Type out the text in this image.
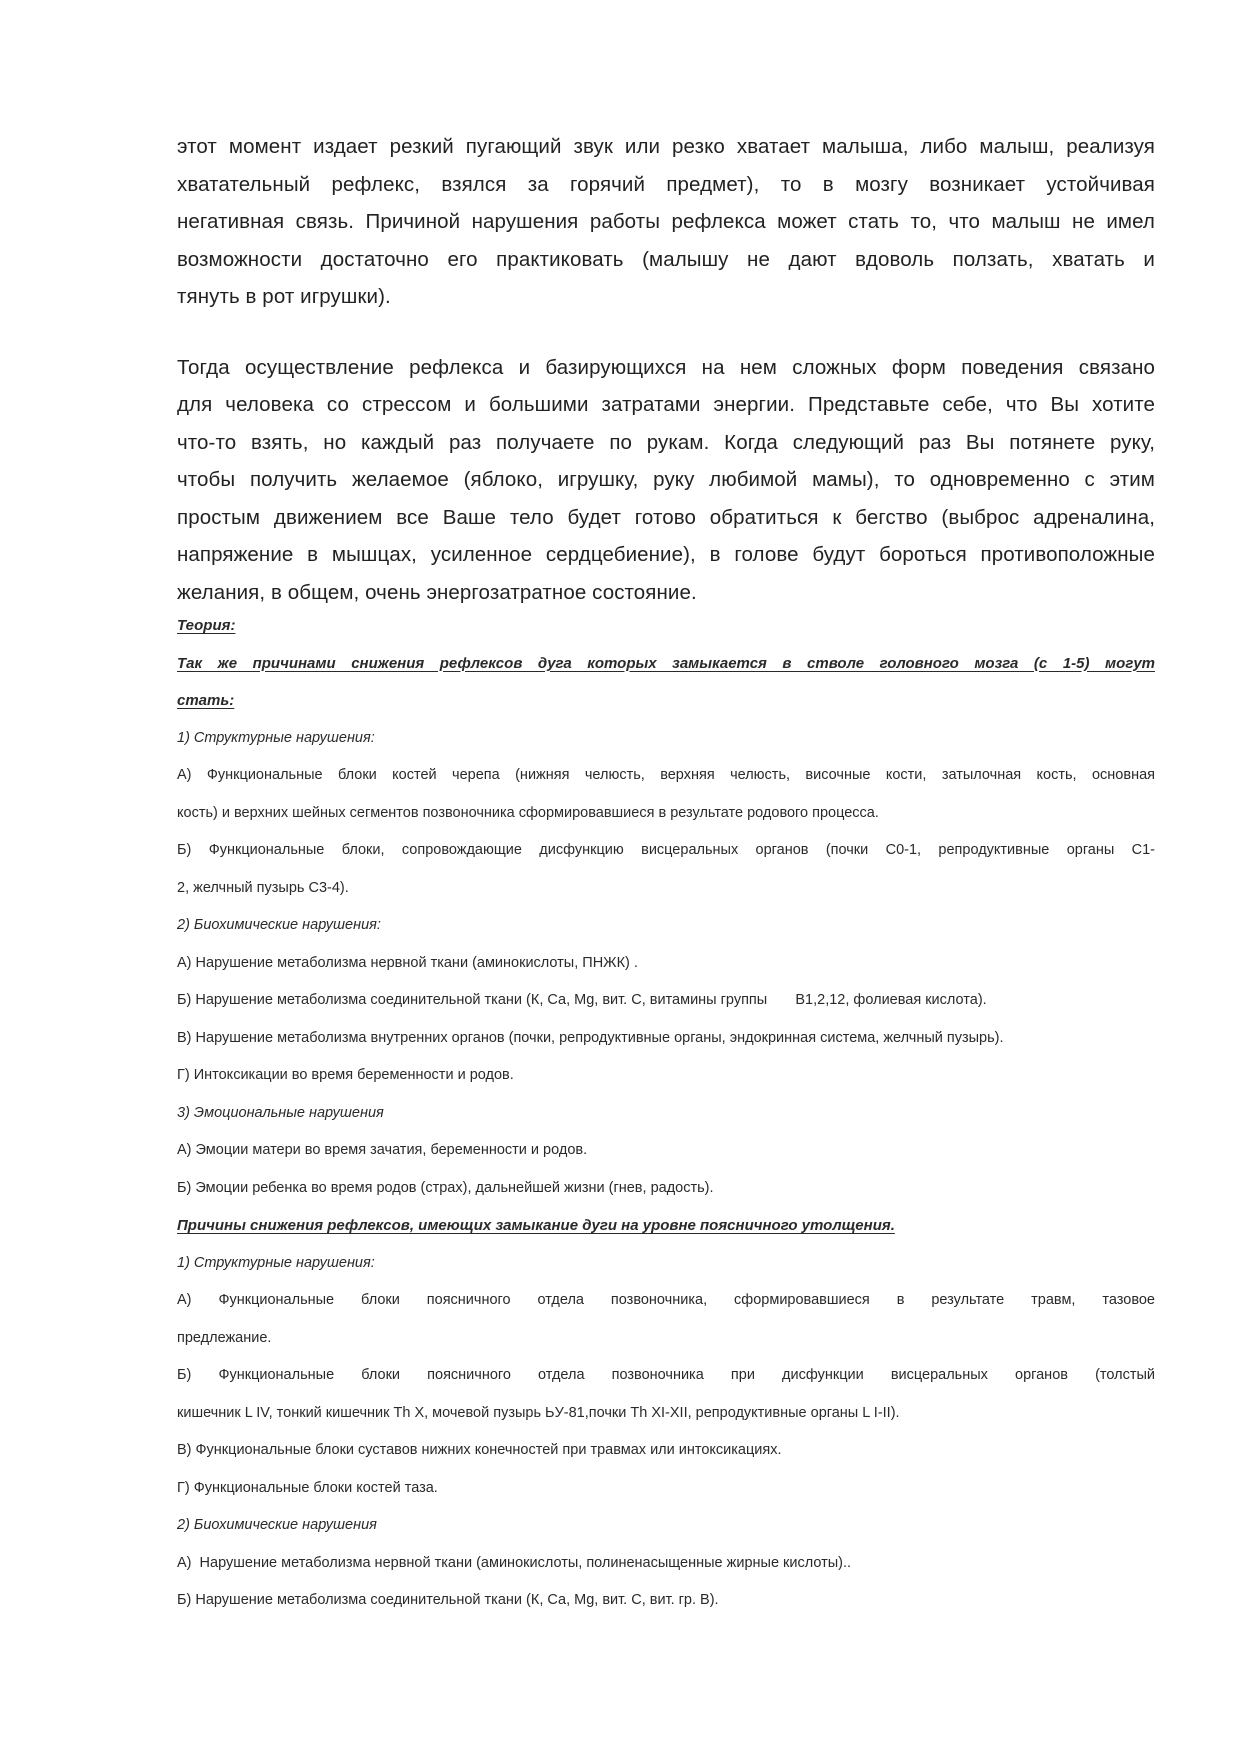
этот момент издает резкий пугающий звук или резко хватает малыша, либо малыш, реализуя
хватательный рефлекс, взялся за горячий предмет), то в мозгу возникает устойчивая
негативная связь. Причиной нарушения работы рефлекса может стать то, что малыш не имел
возможности достаточно его практиковать (малышу не дают вдоволь ползать, хватать и
тянуть в рот игрушки).
Тогда осуществление рефлекса и базирующихся на нем сложных форм поведения связано
для человека со стрессом и большими затратами энергии. Представьте себе, что Вы хотите
что-то взять, но каждый раз получаете по рукам. Когда следующий раз Вы потянете руку,
чтобы получить желаемое (яблоко, игрушку, руку любимой мамы), то одновременно с этим
простым движением все Ваше тело будет готово обратиться к бегство (выброс адреналина,
напряжение в мышцах, усиленное сердцебиение), в голове будут бороться противоположные
желания, в общем, очень энергозатратное состояние.
Теория:
Так же причинами снижения рефлексов дуга которых замыкается в стволе головного мозга (с 1-5) могут
стать:
1) Структурные нарушения:
А) Функциональные блоки костей черепа (нижняя челюсть, верхняя челюсть, височные кости, затылочная кость, основная
кость) и верхних шейных сегментов позвоночника сформировавшиеся в результате родового процесса.
Б) Функциональные блоки, сопровождающие дисфункцию висцеральных органов (почки С0-1, репродуктивные органы С1-
2, желчный пузырь С3-4).
2) Биохимические нарушения:
А) Нарушение метаболизма нервной ткани (аминокислоты, ПНЖК) .
Б) Нарушение метаболизма соединительной ткани (К, Са, Mg, вит. С, витамины группы       В1,2,12, фолиевая кислота).
В) Нарушение метаболизма внутренних органов (почки, репродуктивные органы, эндокринная система, желчный пузырь).
Г) Интоксикации во время беременности и родов.
3) Эмоциональные нарушения
А) Эмоции матери во время зачатия, беременности и родов.
Б) Эмоции ребенка во время родов (страх), дальнейшей жизни (гнев, радость).
Причины снижения рефлексов, имеющих замыкание дуги на уровне поясничного утолщения.
1) Структурные нарушения:
А) Функциональные блоки поясничного отдела позвоночника, сформировавшиеся в результате травм, тазовое
предлежание.
Б) Функциональные блоки поясничного отдела позвоночника при дисфункции висцеральных органов (толстый
кишечник L IV, тонкий кишечник Th X, мочевой пузырь ЬУ-81,почки Th XI-XII, репродуктивные органы L I-II).
В) Функциональные блоки суставов нижних конечностей при травмах или интоксикациях.
Г) Функциональные блоки костей таза.
2) Биохимические нарушения
А)  Нарушение метаболизма нервной ткани (аминокислоты, полиненасыщенные жирные кислоты)..
Б) Нарушение метаболизма соединительной ткани (К, Са, Mg, вит. С, вит. гр. В).
